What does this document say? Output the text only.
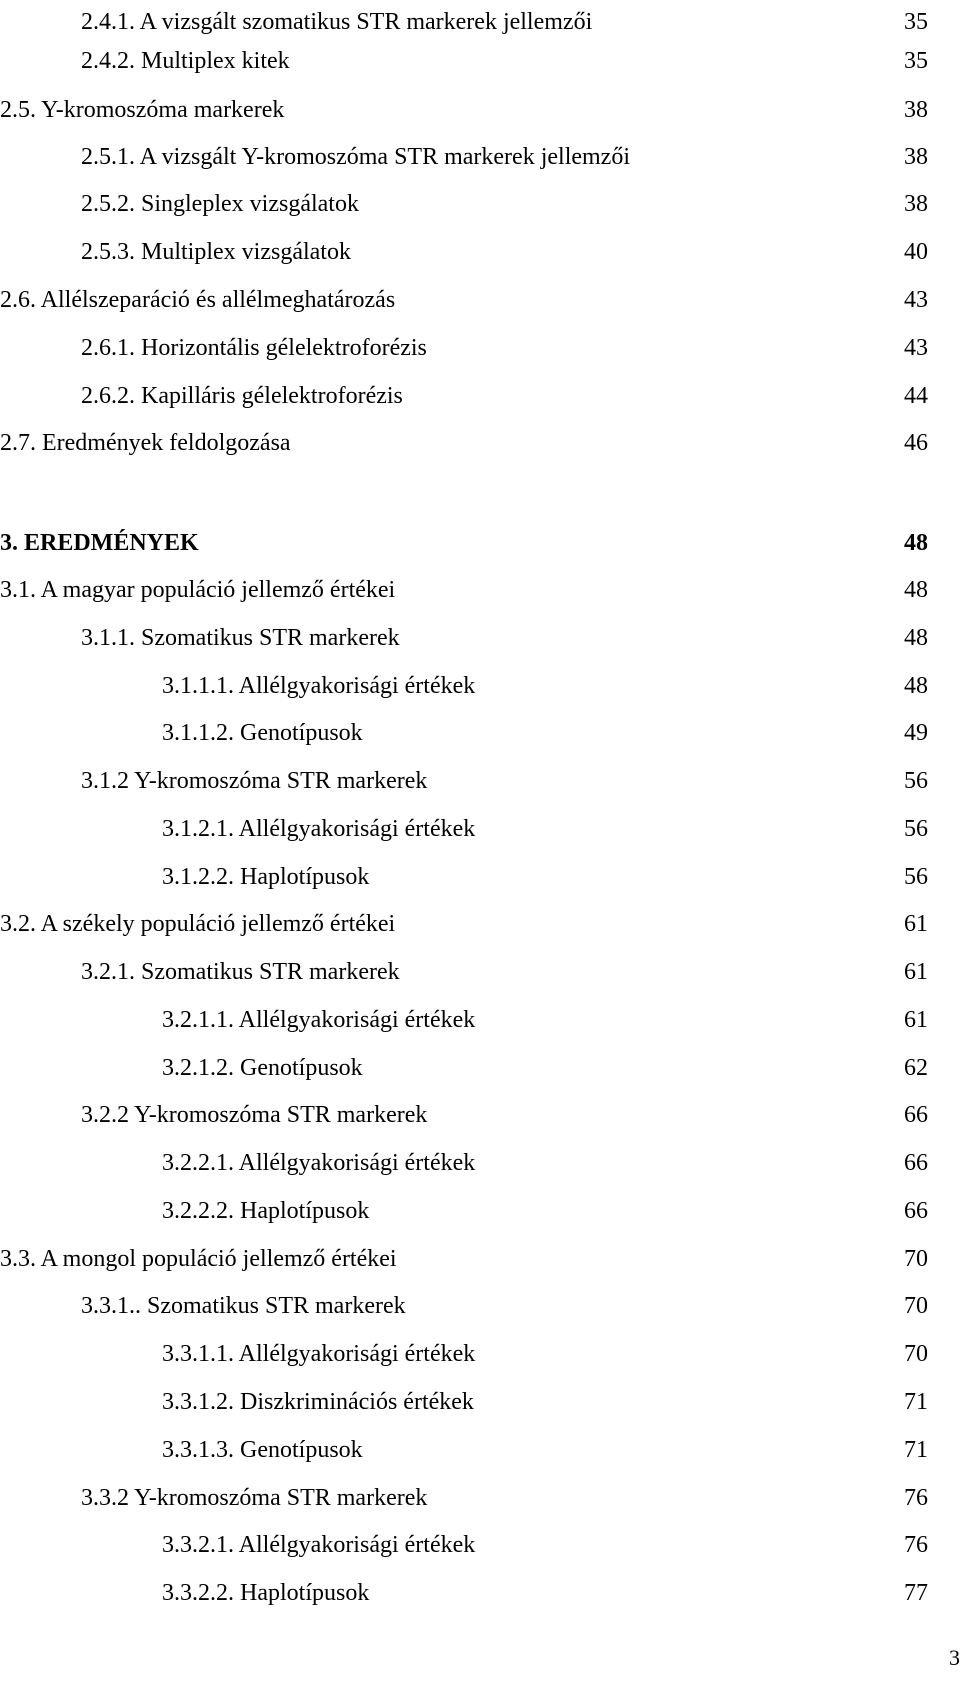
2.4.1. A vizsgált szomatikus STR markerek jellemzői	35
2.4.2. Multiplex kitek	35
2.5. Y-kromoszóma markerek	38
2.5.1. A vizsgált Y-kromoszóma STR markerek jellemzői	38
2.5.2. Singleplex vizsgálatok	38
2.5.3. Multiplex vizsgálatok	40
2.6. Allélszeparáció és allélmeghatározás	43
2.6.1. Horizontális gélelektroforézis	43
2.6.2. Kapilláris gélelektroforézis	44
2.7. Eredmények feldolgozása	46
3. EREDMÉNYEK	48
3.1. A magyar populáció jellemző értékei	48
3.1.1. Szomatikus STR markerek	48
3.1.1.1. Allélgyakorisági értékek	48
3.1.1.2. Genotípusok	49
3.1.2 Y-kromoszóma STR markerek	56
3.1.2.1. Allélgyakorisági értékek	56
3.1.2.2. Haplotípusok	56
3.2. A székely populáció jellemző értékei	61
3.2.1. Szomatikus STR markerek	61
3.2.1.1. Allélgyakorisági értékek	61
3.2.1.2. Genotípusok	62
3.2.2 Y-kromoszóma STR markerek	66
3.2.2.1. Allélgyakorisági értékek	66
3.2.2.2. Haplotípusok	66
3.3. A mongol populáció jellemző értékei	70
3.3.1.. Szomatikus STR markerek	70
3.3.1.1. Allélgyakorisági értékek	70
3.3.1.2. Diszkriminációs értékek	71
3.3.1.3. Genotípusok	71
3.3.2 Y-kromoszóma STR markerek	76
3.3.2.1. Allélgyakorisági értékek	76
3.3.2.2. Haplotípusok	77
3
